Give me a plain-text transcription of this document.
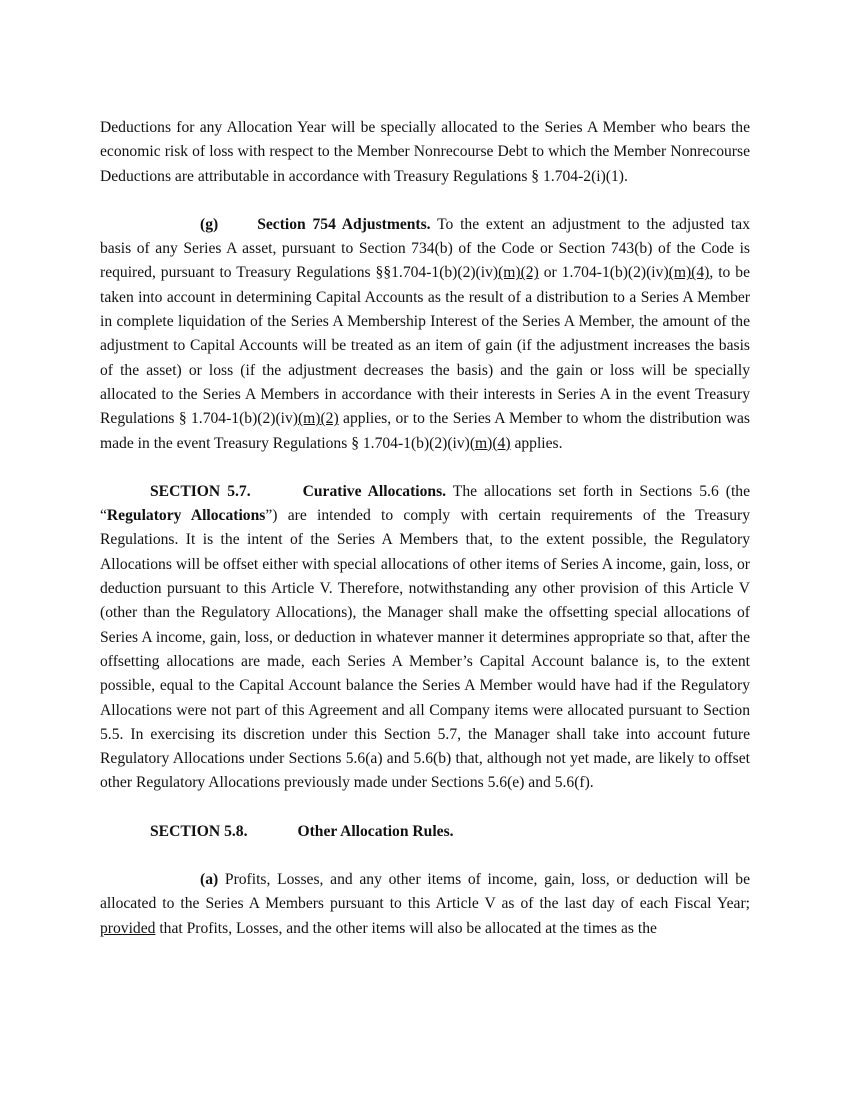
Deductions for any Allocation Year will be specially allocated to the Series A Member who bears the economic risk of loss with respect to the Member Nonrecourse Debt to which the Member Nonrecourse Deductions are attributable in accordance with Treasury Regulations § 1.704-2(i)(1).

(g)	Section 754 Adjustments. To the extent an adjustment to the adjusted tax basis of any Series A asset, pursuant to Section 734(b) of the Code or Section 743(b) of the Code is required, pursuant to Treasury Regulations §§1.704-1(b)(2)(iv)(m)(2) or 1.704-1(b)(2)(iv)(m)(4), to be taken into account in determining Capital Accounts as the result of a distribution to a Series A Member in complete liquidation of the Series A Membership Interest of the Series A Member, the amount of the adjustment to Capital Accounts will be treated as an item of gain (if the adjustment increases the basis of the asset) or loss (if the adjustment decreases the basis) and the gain or loss will be specially allocated to the Series A Members in accordance with their interests in Series A in the event Treasury Regulations § 1.704-1(b)(2)(iv)(m)(2) applies, or to the Series A Member to whom the distribution was made in the event Treasury Regulations § 1.704-1(b)(2)(iv)(m)(4) applies.

SECTION 5.7.	Curative Allocations. The allocations set forth in Sections 5.6 (the “Regulatory Allocations”) are intended to comply with certain requirements of the Treasury Regulations. It is the intent of the Series A Members that, to the extent possible, the Regulatory Allocations will be offset either with special allocations of other items of Series A income, gain, loss, or deduction pursuant to this Article V. Therefore, notwithstanding any other provision of this Article V (other than the Regulatory Allocations), the Manager shall make the offsetting special allocations of Series A income, gain, loss, or deduction in whatever manner it determines appropriate so that, after the offsetting allocations are made, each Series A Member’s Capital Account balance is, to the extent possible, equal to the Capital Account balance the Series A Member would have had if the Regulatory Allocations were not part of this Agreement and all Company items were allocated pursuant to Section 5.5. In exercising its discretion under this Section 5.7, the Manager shall take into account future Regulatory Allocations under Sections 5.6(a) and 5.6(b) that, although not yet made, are likely to offset other Regulatory Allocations previously made under Sections 5.6(e) and 5.6(f).

SECTION 5.8.	Other Allocation Rules.

(a) Profits, Losses, and any other items of income, gain, loss, or deduction will be allocated to the Series A Members pursuant to this Article V as of the last day of each Fiscal Year; provided that Profits, Losses, and the other items will also be allocated at the times as the
